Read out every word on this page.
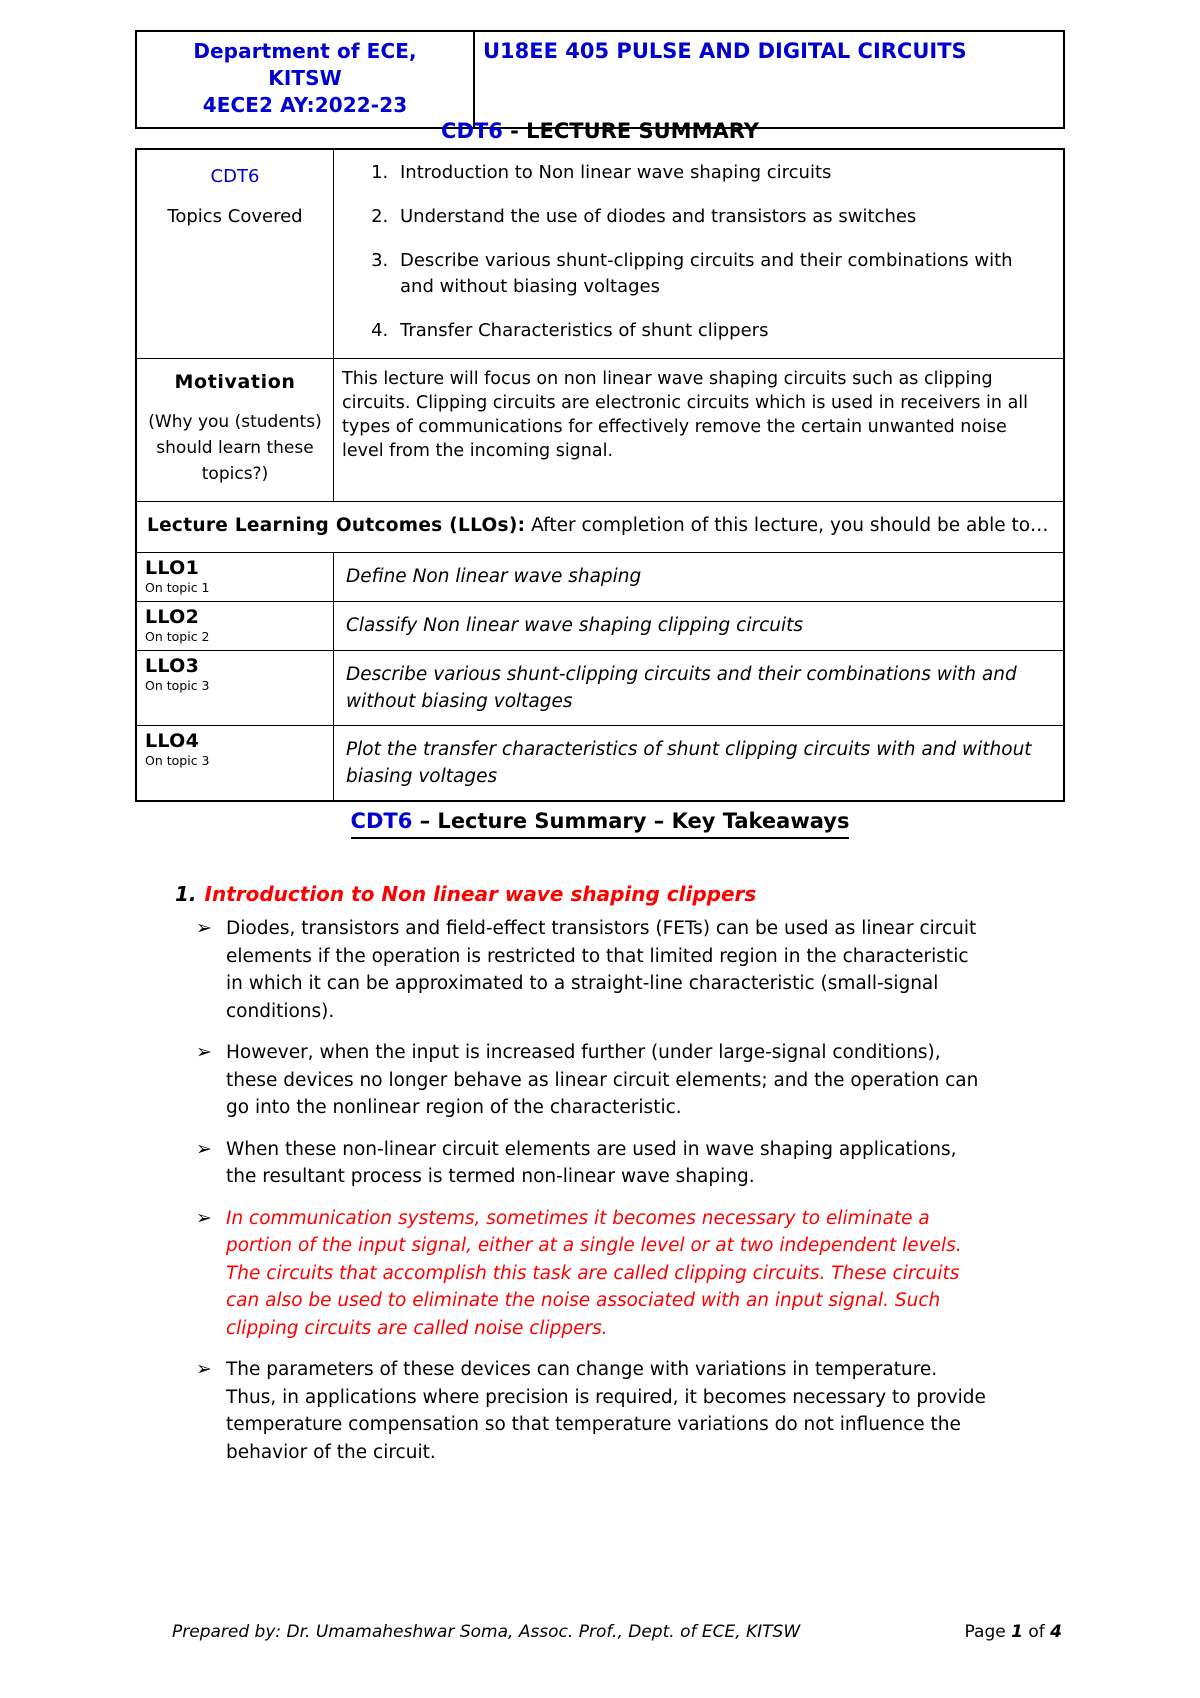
Department of ECE,
KITSW
4ECE2 AY:2022-23
	U18EE 405 PULSE AND DIGITAL CIRCUITS
CDT6 - LECTURE SUMMARY
CDT6
Topics Covered	
1. Introduction to Non linear wave shaping circuits
2. Understand the use of diodes and transistors as switches
3. Describe various shunt-clipping circuits and their combinations with and without biasing voltages
4. Transfer Characteristics of shunt clippers

Motivation
(Why you (students) should learn these topics?)	This lecture will focus on non linear wave shaping circuits such as clipping circuits. Clipping circuits are electronic circuits which is used in receivers in all types of communications for effectively remove the certain unwanted noise level from the incoming signal.
Lecture Learning Outcomes (LLOs): After completion of this lecture, you should be able to…	

LLO1
On topic 1	Define Non linear wave shaping

LLO2
On topic 2	Classify Non linear wave shaping clipping circuits

LLO3
On topic 3	Describe various shunt-clipping circuits and their combinations with and without biasing voltages

LLO4
On topic 3	Plot the transfer characteristics of shunt clipping circuits with and without biasing voltages
CDT6 – Lecture Summary – Key Takeaways
1. Introduction to Non linear wave shaping clippers
➢ Diodes, transistors and field-effect transistors (FETs) can be used as linear circuit elements if the operation is restricted to that limited region in the characteristic in which it can be approximated to a straight-line characteristic (small-signal conditions).
➢ However, when the input is increased further (under large-signal conditions), these devices no longer behave as linear circuit elements; and the operation can go into the nonlinear region of the characteristic.
➢ When these non-linear circuit elements are used in wave shaping applications, the resultant process is termed non-linear wave shaping.
➢ In communication systems, sometimes it becomes necessary to eliminate a portion of the input signal, either at a single level or at two independent levels. The circuits that accomplish this task are called clipping circuits. These circuits can also be used to eliminate the noise associated with an input signal. Such clipping circuits are called noise clippers.
➢ The parameters of these devices can change with variations in temperature. Thus, in applications where precision is required, it becomes necessary to provide temperature compensation so that temperature variations do not influence the behavior of the circuit.
Prepared by: Dr. Umamaheshwar Soma, Assoc. Prof., Dept. of ECE, KITSW	Page 1 of 4
